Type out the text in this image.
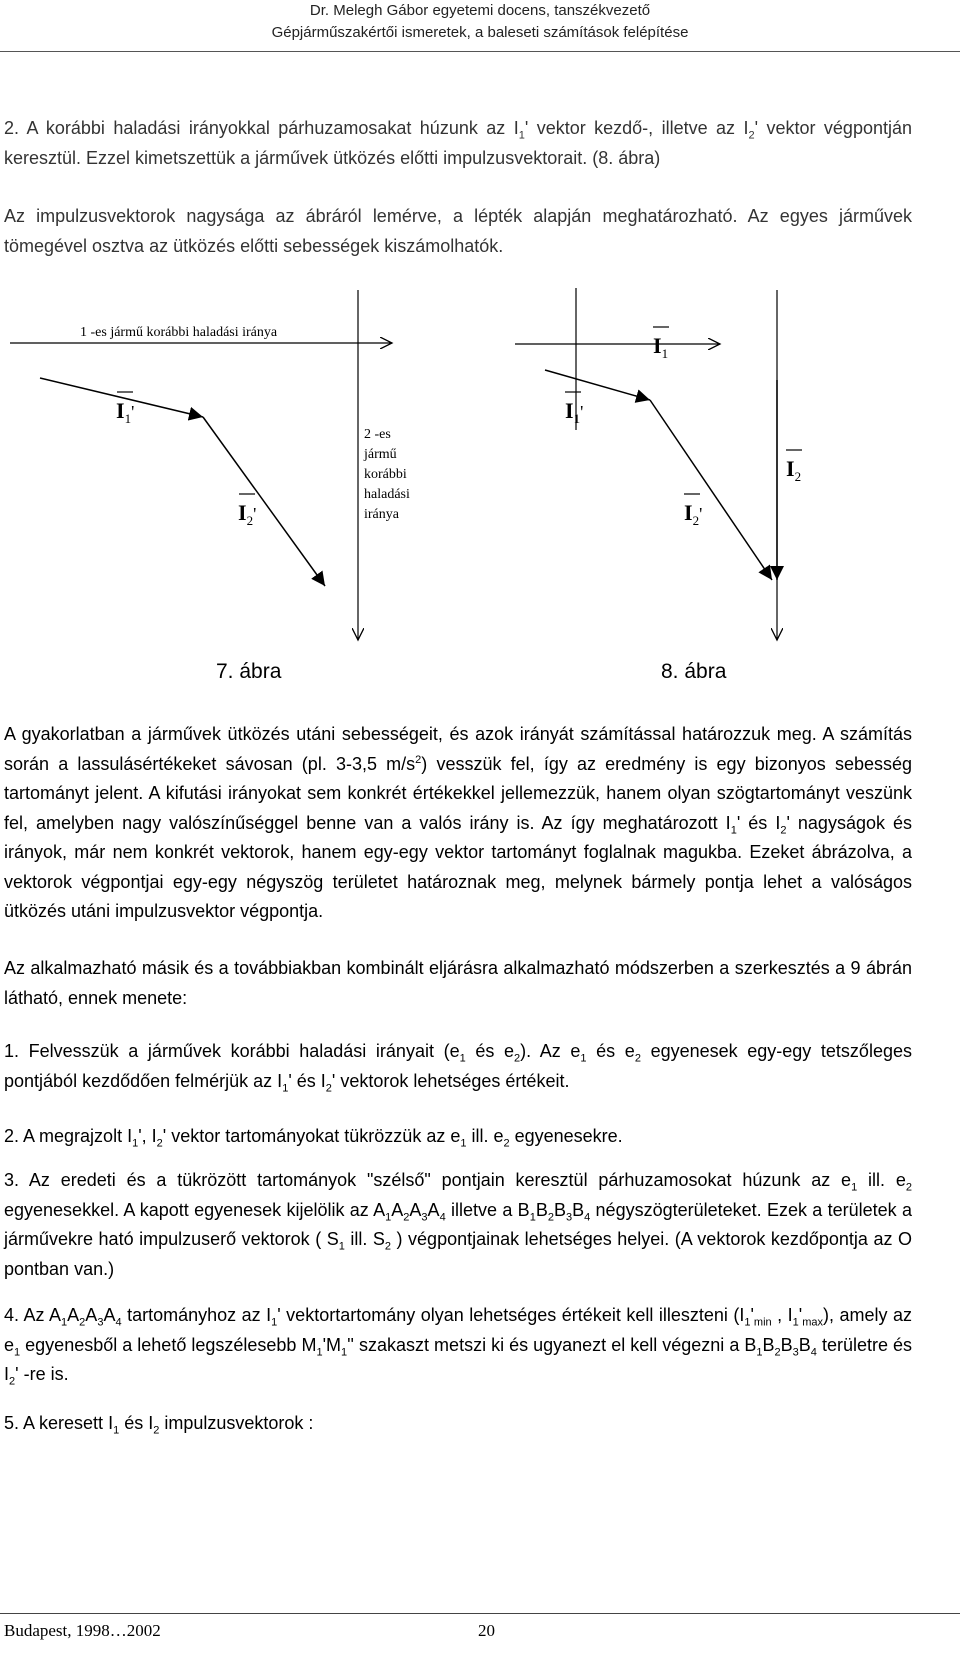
Dr. Melegh Gábor egyetemi docens, tanszékvezető
Gépjárműszakértői ismeretek, a baleseti számítások felépítése

2. A korábbi haladási irányokkal párhuzamosakat húzunk az $I_1'$ vektor kezdő-, illetve az $I_2'$ vektor végpontján keresztül. Ezzel kimetszettük a járművek ütközés előtti impulzusvektorait. (8. ábra)

Az impulzusvektorok nagysága az ábráról lemérve, a lépték alapján meghatározható. Az egyes járművek tömegével osztva az ütközés előtti sebességek kiszámolhatók.

1 -es jármű korábbi haladási iránya
2 -es jármű korábbi haladási iránya
$I_1'$
$I_2'$
$I_1$
$I_1'$
$I_2$
$I_2'$
7. ábra	8. ábra

A gyakorlatban a járművek ütközés utáni sebességeit, és azok irányát számítással határozzuk meg. A számítás során a lassulásértékeket sávosan (pl. 3-3,5 $m/s^2$) vesszük fel, így az eredmény is egy bizonyos sebesség tartományt jelent. A kifutási irányokat sem konkrét értékekkel jellemezzük, hanem olyan szögtartományt veszünk fel, amelyben nagy valószínűséggel benne van a valós irány is. Az így meghatározott $I_1'$ és $I_2'$ nagyságok és irányok, már nem konkrét vektorok, hanem egy-egy vektor tartományt foglalnak magukba. Ezeket ábrázolva, a vektorok végpontjai egy-egy négyszög területet határoznak meg, melynek bármely pontja lehet a valóságos ütközés utáni impulzusvektor végpontja.

Az alkalmazható másik és a továbbiakban kombinált eljárásra alkalmazható módszerben a szerkesztés a 9 ábrán látható, ennek menete:

1. Felvesszük a járművek korábbi haladási irányait ($e_1$ és $e_2$). Az $e_1$ és $e_2$ egyenesek egy-egy tetszőleges pontjából kezdődően felmérjük az $I_1'$ és $I_2'$ vektorok lehetséges értékeit.

2. A megrajzolt $I_1'$, $I_2'$ vektor tartományokat tükrözzük az $e_1$ ill. $e_2$ egyenesekre.

3. Az eredeti és a tükrözött tartományok "szélső" pontjain keresztül párhuzamosokat húzunk az $e_1$ ill. $e_2$ egyenesekkel. A kapott egyenesek kijelölik az $A_1A_2A_3A_4$ illetve a $B_1B_2B_3B_4$ négyszögterületeket. Ezek a területek a járművekre ható impulzuserő vektorok ( $S_1$ ill. $S_2$ ) végpontjainak lehetséges helyei. (A vektorok kezdőpontja az O pontban van.)

4. Az $A_1A_2A_3A_4$ tartományhoz az $I_1'$ vektortartomány olyan lehetséges értékeit kell illeszteni ($I_1'_{min}$ , $I_1'_{max}$), amely az $e_1$ egyenesből a lehető legszélesebb $M_1'M_1''$ szakaszt metszi ki és ugyanezt el kell végezni a $B_1B_2B_3B_4$ területre és $I_2'$ -re is.

5. A keresett $I_1$ és $I_2$ impulzusvektorok :

Budapest, 1998…2002	20
